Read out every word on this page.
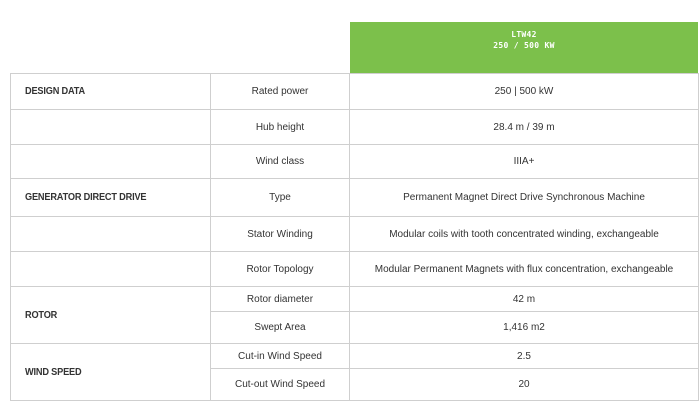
LTW42
250 / 500 KW
DESIGN DATA	Rated power	250 | 500 kW
	Hub height	28.4 m / 39 m
	Wind class	IIIA+
GENERATOR DIRECT DRIVE	Type	Permanent Magnet Direct Drive Synchronous Machine
	Stator Winding	Modular coils with tooth concentrated winding, exchangeable
	Rotor Topology	Modular Permanent Magnets with flux concentration, exchangeable
ROTOR	Rotor diameter	42 m
	Swept Area	1,416 m2
WIND SPEED	Cut-in Wind Speed	2.5
	Cut-out Wind Speed	20
